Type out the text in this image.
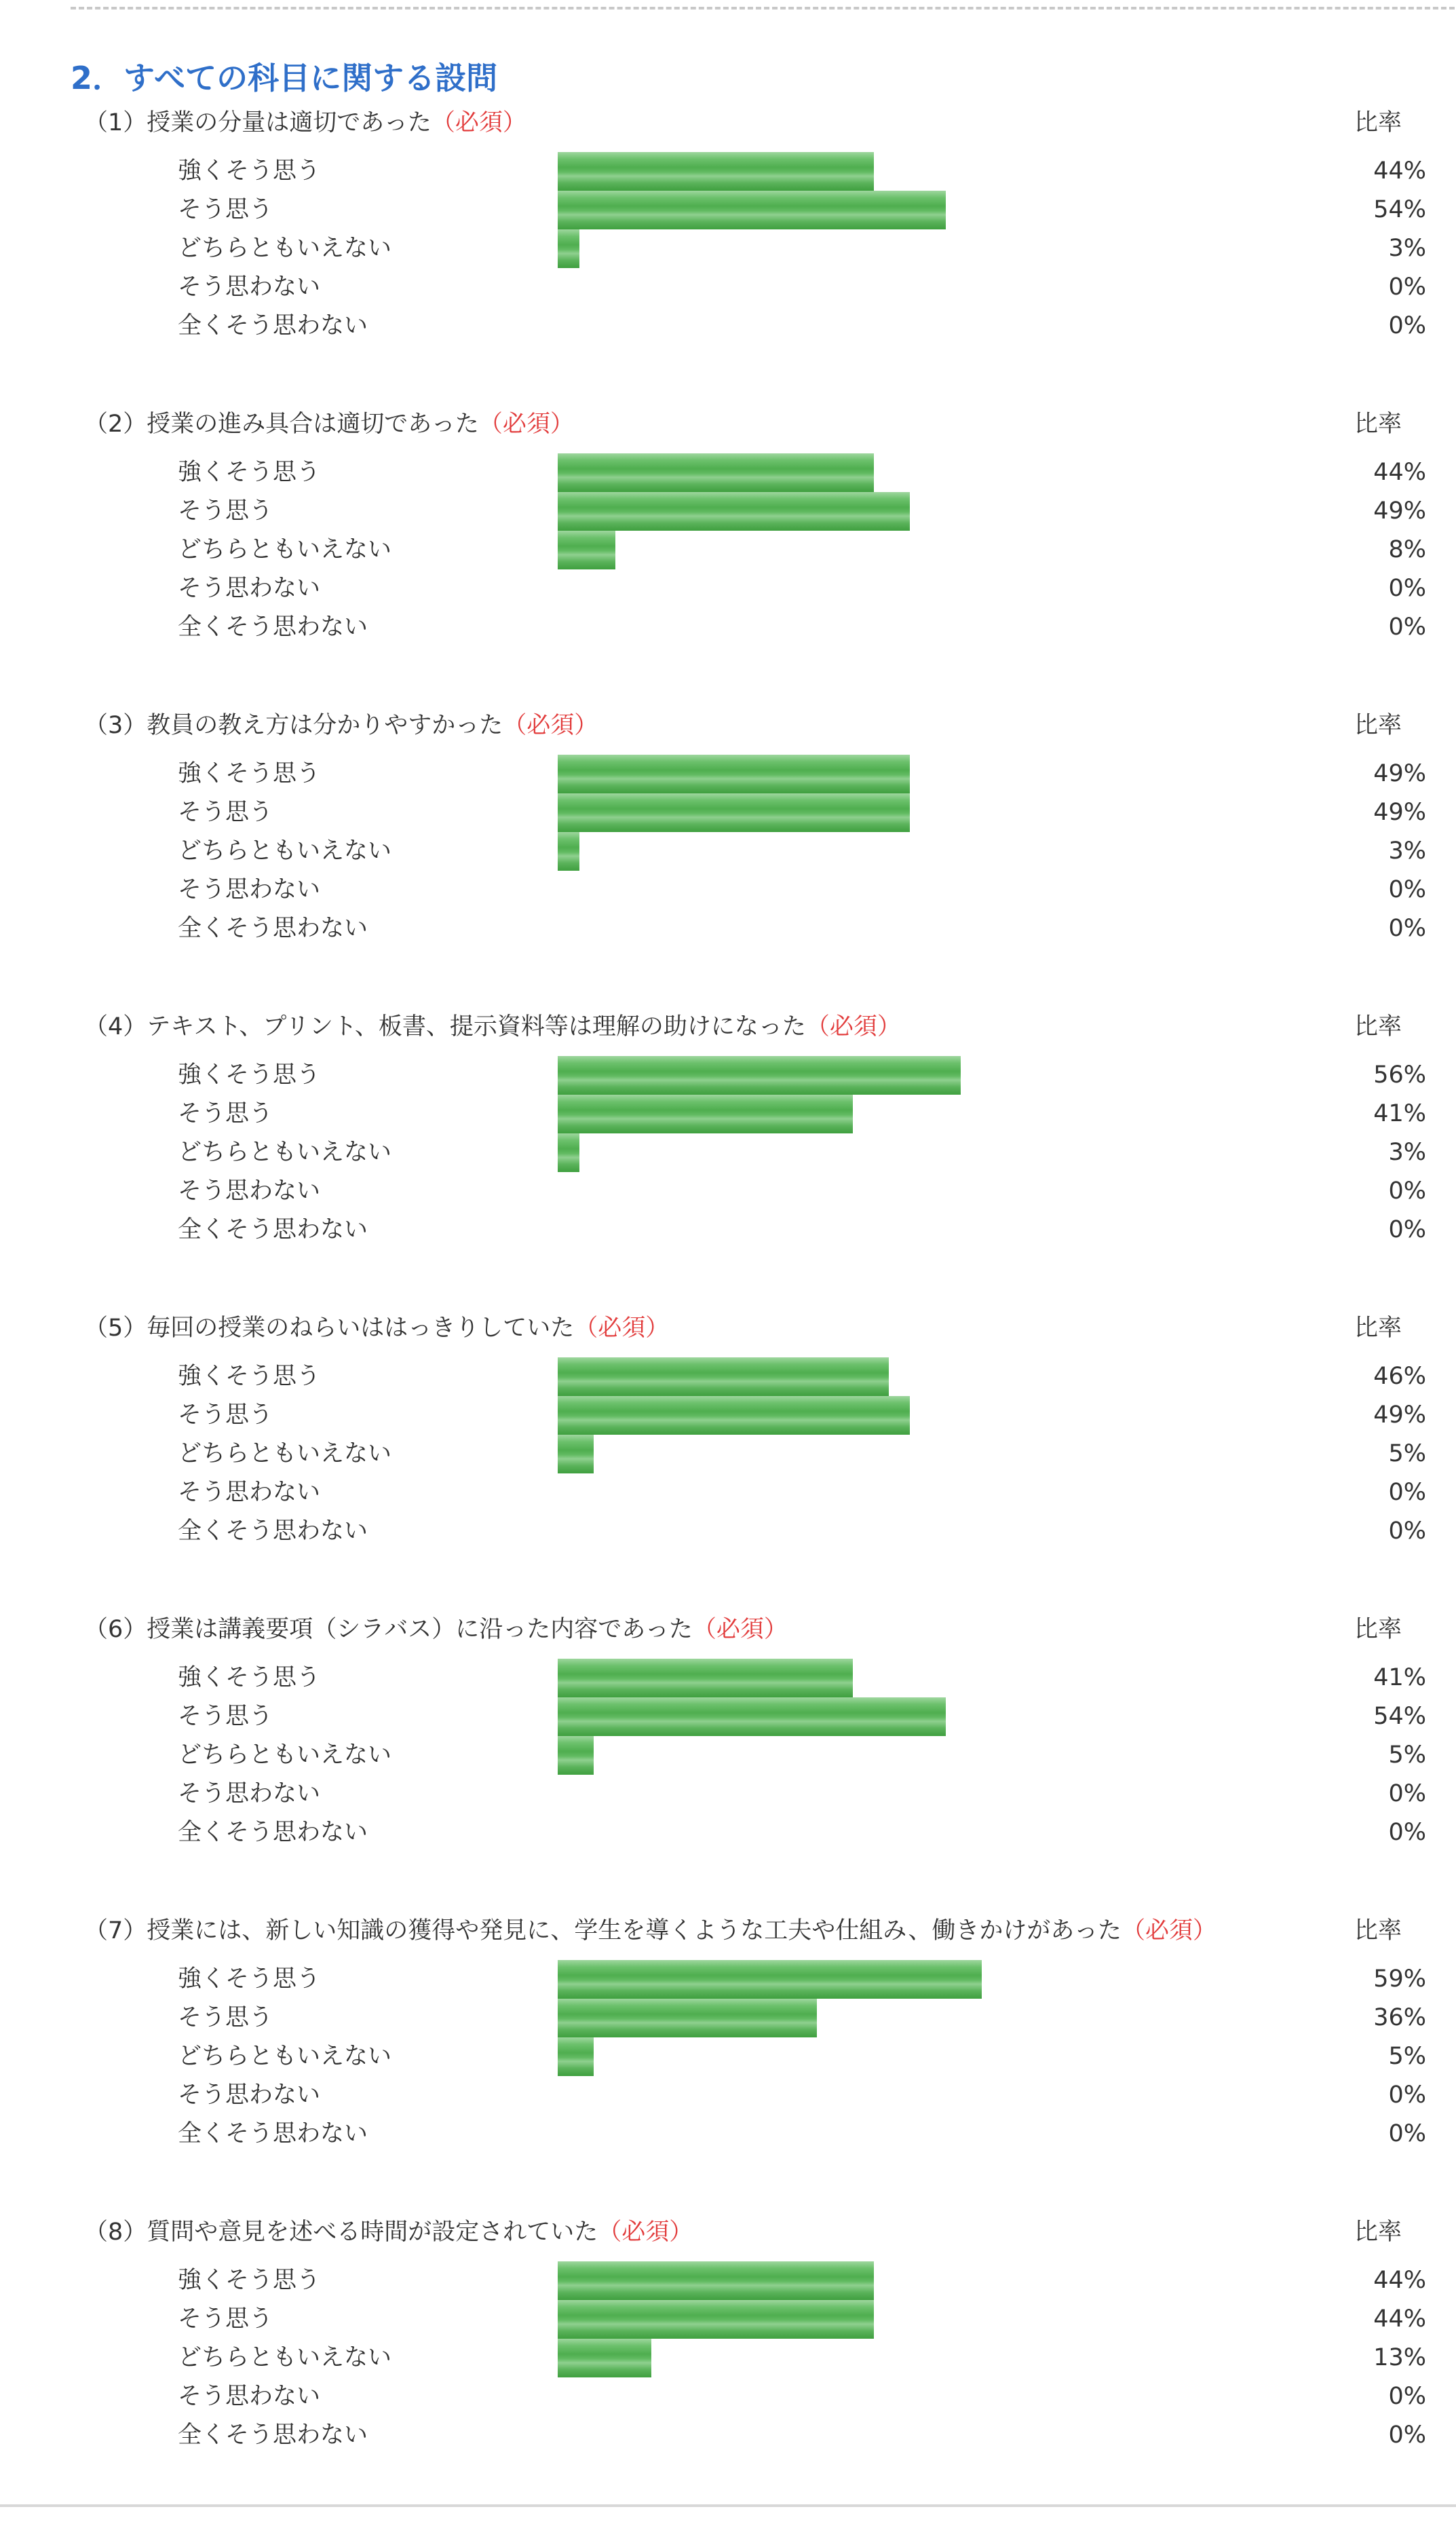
2．すべての科目に関する設問
（1）授業の分量は適切であった（必須）	比率
強くそう思う	44%
そう思う	54%
どちらともいえない	3%
そう思わない	0%
全くそう思わない	0%
（2）授業の進み具合は適切であった（必須）	比率
強くそう思う	44%
そう思う	49%
どちらともいえない	8%
そう思わない	0%
全くそう思わない	0%
（3）教員の教え方は分かりやすかった（必須）	比率
強くそう思う	49%
そう思う	49%
どちらともいえない	3%
そう思わない	0%
全くそう思わない	0%
（4）テキスト、プリント、板書、提示資料等は理解の助けになった（必須）	比率
強くそう思う	56%
そう思う	41%
どちらともいえない	3%
そう思わない	0%
全くそう思わない	0%
（5）毎回の授業のねらいははっきりしていた（必須）	比率
強くそう思う	46%
そう思う	49%
どちらともいえない	5%
そう思わない	0%
全くそう思わない	0%
（6）授業は講義要項（シラバス）に沿った内容であった（必須）	比率
強くそう思う	41%
そう思う	54%
どちらともいえない	5%
そう思わない	0%
全くそう思わない	0%
（7）授業には、新しい知識の獲得や発見に、学生を導くような工夫や仕組み、働きかけがあった（必須）	比率
強くそう思う	59%
そう思う	36%
どちらともいえない	5%
そう思わない	0%
全くそう思わない	0%
（8）質問や意見を述べる時間が設定されていた（必須）	比率
強くそう思う	44%
そう思う	44%
どちらともいえない	13%
そう思わない	0%
全くそう思わない	0%
